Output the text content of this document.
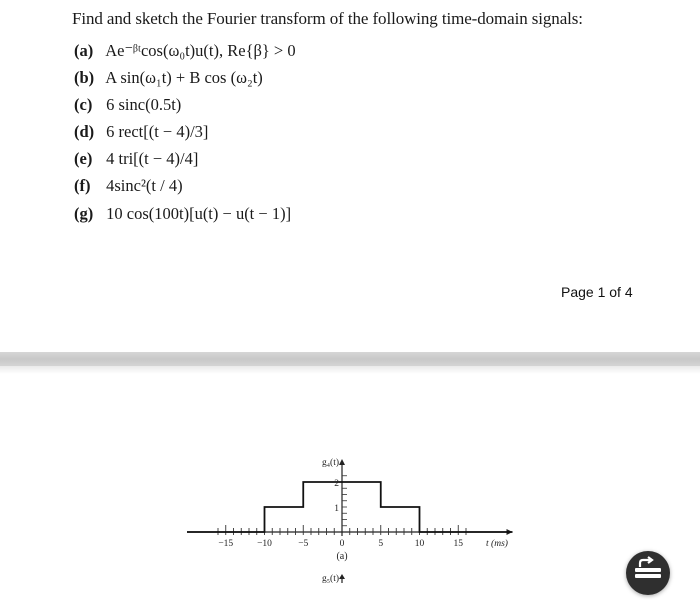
Find and sketch the Fourier transform of the following time-domain signals:
(a) Ae⁻ᵝᵗcos(ω₀t)u(t), Re{β} > 0
(b) A sin(ω₁t) + B cos (ω₂t)
(c) 6 sinc(0.5t)
(d) 6 rect[(t − 4)/3]
(e) 4 tri[(t − 4)/4]
(f) 4sinc²(t / 4)
(g) 10 cos(100t)[u(t) − u(t − 1)]
Page 1 of 4
−15	−10	−5	0	5	10	15
1
2
g₄(t)
t (ms)
(a)
g₅(t)
